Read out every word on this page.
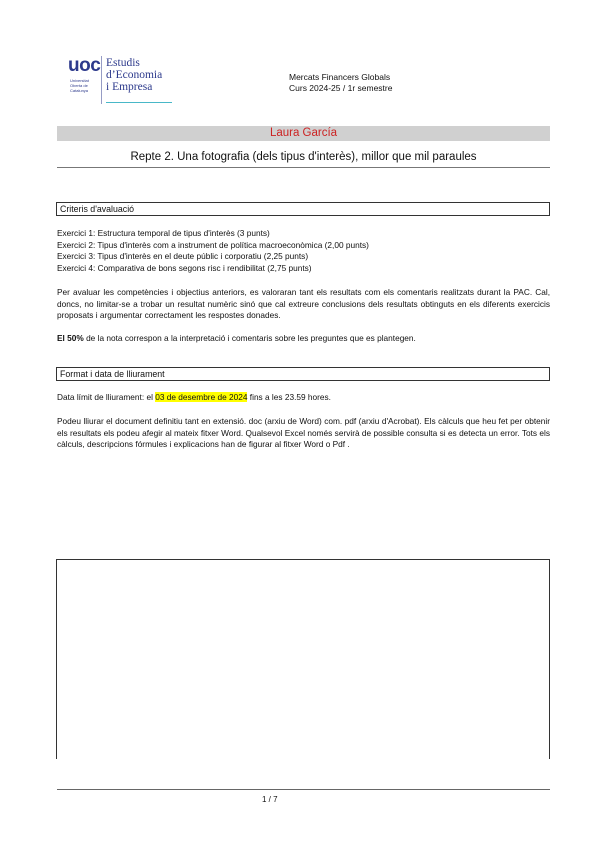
uoc
Universitat Oberta de Catalunya
Estudis
d’Economia
i Empresa
Mercats Financers Globals
Curs 2024-25 / 1r semestre
Laura García
Repte 2. Una fotografia (dels tipus d'interès), millor que mil paraules
Criteris d'avaluació
Exercici 1: Estructura temporal de tipus d'interès (3 punts)
Exercici 2: Tipus d'interès com a instrument de política macroeconòmica (2,00 punts)
Exercici 3: Tipus d'interès en el deute públic i corporatiu (2,25 punts)
Exercici 4: Comparativa de bons segons risc i rendibilitat (2,75 punts)
Per avaluar les competències i objectius anteriors, es valoraran tant els resultats com els comentaris realitzats durant la PAC. Cal, doncs, no limitar-se a trobar un resultat numèric sinó que cal extreure conclusions dels resultats obtinguts en els diferents exercicis proposats i argumentar correctament les respostes donades.
El 50% de la nota correspon a la interpretació i comentaris sobre les preguntes que es plantegen.
Format i data de lliurament
Data límit de lliurament: el 03 de desembre de 2024 fins a les 23.59 hores.
Podeu lliurar el document definitiu tant en extensió. doc (arxiu de Word) com. pdf (arxiu d'Acrobat). Els càlculs que heu fet per obtenir els resultats els podeu afegir al mateix fitxer Word. Qualsevol Excel només servirà de possible consulta si es detecta un error. Tots els càlculs, descripcions fórmules i explicacions han de figurar al fitxer Word o Pdf .
1 / 7
